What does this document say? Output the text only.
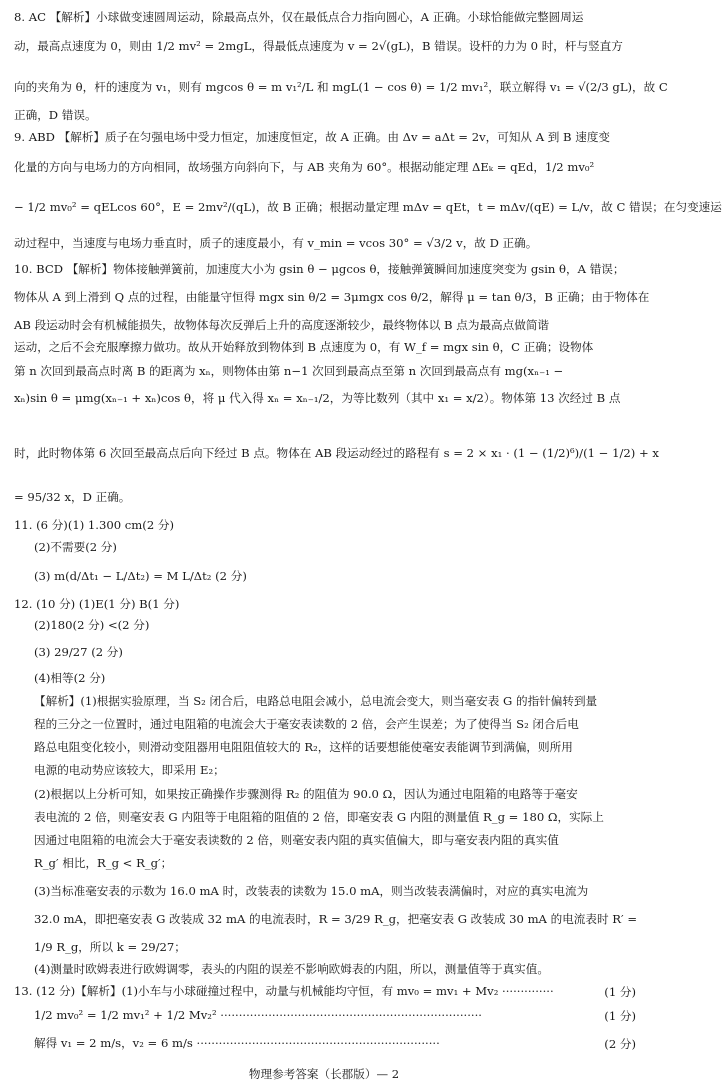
8. AC 【解析】小球做变速圆周运动，除最高点外，仅在最低点合力指向圆心，A 正确。小球恰能做完整圆周运
动，最高点速度为 0，则由 1/2 mv² = 2mgL，得最低点速度为 v = 2√(gL)，B 错误。设杆的力为 0 时，杆与竖直方
向的夹角为 θ，杆的速度为 v₁，则有 mgcos θ = m v₁²/L 和 mgL(1 − cos θ) = 1/2 mv₁²，联立解得 v₁ = √(2/3 gL)，故 C
正确，D 错误。
9. ABD 【解析】质子在匀强电场中受力恒定，加速度恒定，故 A 正确。由 Δv = aΔt = 2v，可知从 A 到 B 速度变
化量的方向与电场力的方向相同，故场强方向斜向下，与 AB 夹角为 60°。根据动能定理 ΔEₖ = qEd，1/2 mv₀²
− 1/2 mv₀² = qELcos 60°，E = 2mv²/(qL)，故 B 正确；根据动量定理 mΔv = qEt，t = mΔv/(qE) = L/v，故 C 错误；在匀变速运
动过程中，当速度与电场力垂直时，质子的速度最小，有 v_min = vcos 30° = √3/2 v，故 D 正确。
10. BCD 【解析】物体接触弹簧前，加速度大小为 gsin θ − μgcos θ，接触弹簧瞬间加速度突变为 gsin θ，A 错误；
物体从 A 到上滑到 Q 点的过程，由能量守恒得 mgx sin θ/2 = 3μmgx cos θ/2，解得 μ = tan θ/3，B 正确；由于物体在
AB 段运动时会有机械能损失，故物体每次反弹后上升的高度逐渐较少，最终物体以 B 点为最高点做简谐
运动，之后不会充服摩擦力做功。故从开始释放到物体到 B 点速度为 0，有 W_f = mgx sin θ，C 正确；设物体
第 n 次回到最高点时离 B 的距离为 xₙ，则物体由第 n−1 次回到最高点至第 n 次回到最高点有 mg(xₙ₋₁ −
xₙ)sin θ = μmg(xₙ₋₁ + xₙ)cos θ，将 μ 代入得 xₙ = xₙ₋₁/2，为等比数列（其中 x₁ = x/2）。物体第 13 次经过 B 点
时，此时物体第 6 次回至最高点后向下经过 B 点。物体在 AB 段运动经过的路程有 s = 2 × x₁ · (1 − (1/2)⁶)/(1 − 1/2) + x
= 95/32 x，D 正确。
11. (6 分)(1) 1.300 cm(2 分)
(2)不需要(2 分)
(3) m(d/Δt₁ − L/Δt₂) = M L/Δt₂ (2 分)
12. (10 分) (1)E(1 分) B(1 分)
(2)180(2 分) <(2 分)
(3) 29/27 (2 分)
(4)相等(2 分)
【解析】(1)根据实验原理，当 S₂ 闭合后，电路总电阻会减小，总电流会变大，则当毫安表 G 的指针偏转到量
程的三分之一位置时，通过电阻箱的电流会大于毫安表读数的 2 倍，会产生误差；为了使得当 S₂ 闭合后电
路总电阻变化较小，则滑动变阻器用电阻阻值较大的 R₂，这样的话要想能使毫安表能调节到满偏，则所用
电源的电动势应该较大，即采用 E₂；
(2)根据以上分析可知，如果按正确操作步骤测得 R₂ 的阻值为 90.0 Ω，因认为通过电阻箱的电路等于毫安
表电流的 2 倍，则毫安表 G 内阻等于电阻箱的阻值的 2 倍，即毫安表 G 内阻的测量值 R_g = 180 Ω，实际上
因通过电阻箱的电流会大于毫安表读数的 2 倍，则毫安表内阻的真实值偏大，即与毫安表内阻的真实值
R_g′ 相比，R_g < R_g′；
(3)当标准毫安表的示数为 16.0 mA 时，改装表的读数为 15.0 mA，则当改装表满偏时，对应的真实电流为
32.0 mA，即把毫安表 G 改装成 32 mA 的电流表时，R = 3/29 R_g，把毫安表 G 改装成 30 mA 的电流表时 R′ =
1/9 R_g，所以 k = 29/27；
(4)测量时欧姆表进行欧姆调零，表头的内阻的误差不影响欧姆表的内阻，所以，测量值等于真实值。
13. (12 分)【解析】(1)小车与小球碰撞过程中，动量与机械能均守恒，有 mv₀ = mv₁ + Mv₂ ··············	(1 分)
1/2 mv₀² = 1/2 mv₁² + 1/2 Mv₂² ·······································································	(1 分)
解得 v₁ = 2 m/s，v₂ = 6 m/s ··································································	(2 分)
物理参考答案（长郡版）— 2
